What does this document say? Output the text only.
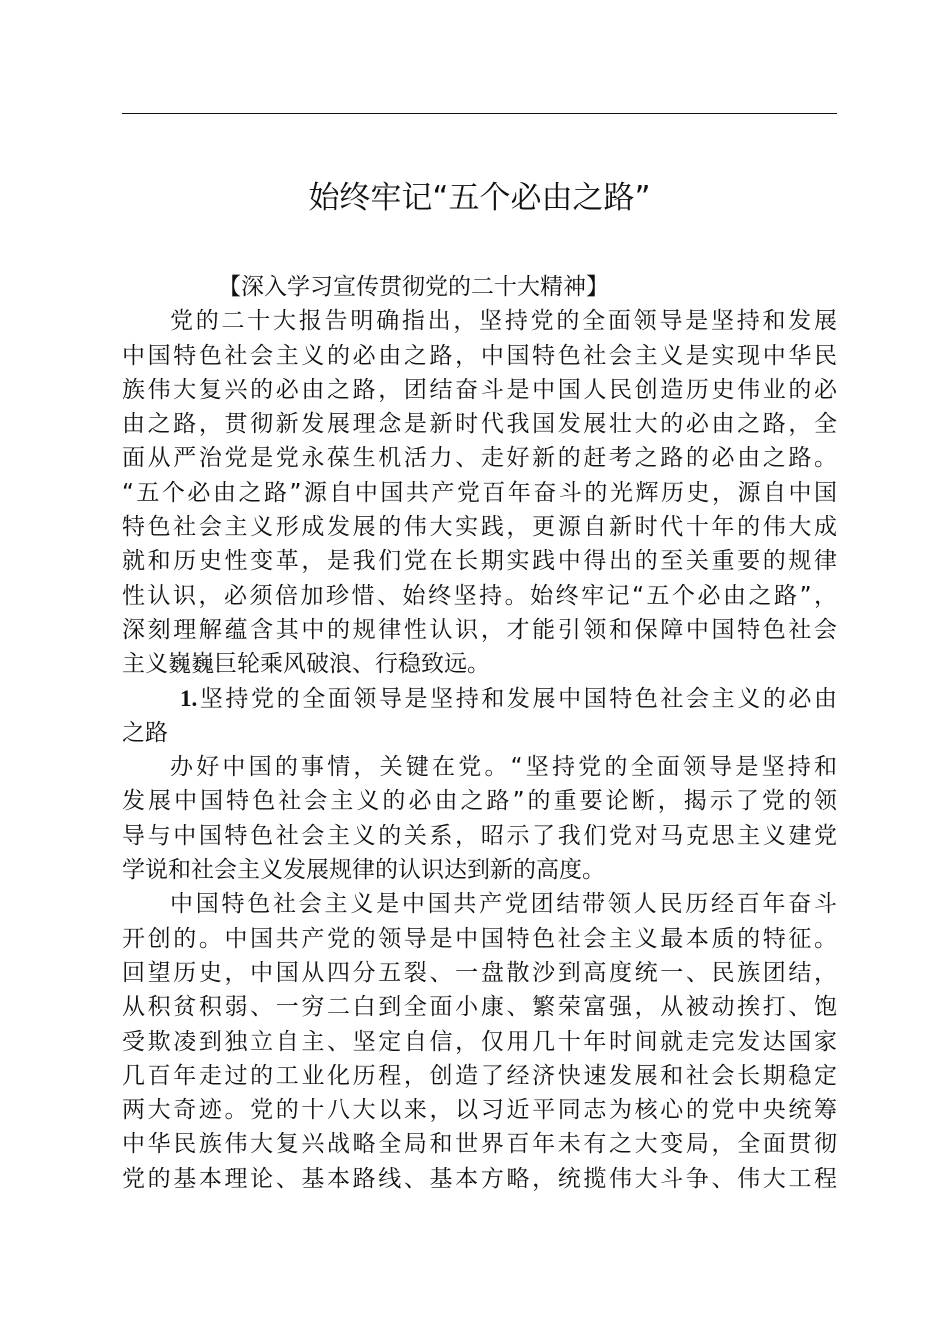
始终牢记“五个必由之路”
【深入学习宣传贯彻党的二十大精神】
党的二十大报告明确指出，坚持党的全面领导是坚持和发展
中国特色社会主义的必由之路，中国特色社会主义是实现中华民
族伟大复兴的必由之路，团结奋斗是中国人民创造历史伟业的必
由之路，贯彻新发展理念是新时代我国发展壮大的必由之路，全
面从严治党是党永葆生机活力、走好新的赶考之路的必由之路。
“五个必由之路”源自中国共产党百年奋斗的光辉历史，源自中国
特色社会主义形成发展的伟大实践，更源自新时代十年的伟大成
就和历史性变革，是我们党在长期实践中得出的至关重要的规律
性认识，必须倍加珍惜、始终坚持。始终牢记“五个必由之路”，
深刻理解蕴含其中的规律性认识，才能引领和保障中国特色社会
主义巍巍巨轮乘风破浪、行稳致远。
1.坚持党的全面领导是坚持和发展中国特色社会主义的必由
之路
办好中国的事情，关键在党。“坚持党的全面领导是坚持和
发展中国特色社会主义的必由之路”的重要论断，揭示了党的领
导与中国特色社会主义的关系，昭示了我们党对马克思主义建党
学说和社会主义发展规律的认识达到新的高度。
中国特色社会主义是中国共产党团结带领人民历经百年奋斗
开创的。中国共产党的领导是中国特色社会主义最本质的特征。
回望历史，中国从四分五裂、一盘散沙到高度统一、民族团结，
从积贫积弱、一穷二白到全面小康、繁荣富强，从被动挨打、饱
受欺凌到独立自主、坚定自信，仅用几十年时间就走完发达国家
几百年走过的工业化历程，创造了经济快速发展和社会长期稳定
两大奇迹。党的十八大以来，以习近平同志为核心的党中央统筹
中华民族伟大复兴战略全局和世界百年未有之大变局，全面贯彻
党的基本理论、基本路线、基本方略，统揽伟大斗争、伟大工程
